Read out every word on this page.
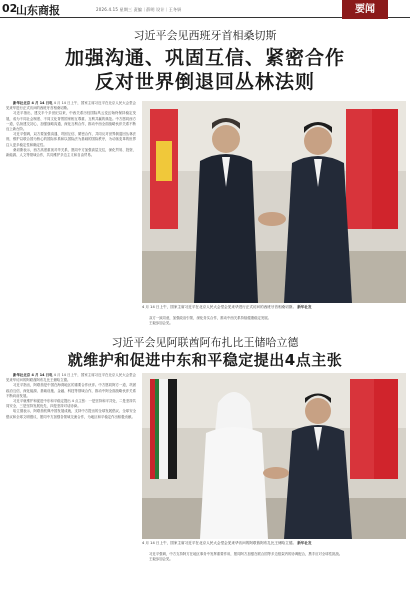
02
山东商报	2026.4.15 星期三 责编｜薛明 设计｜王冬妍	要闻
习近平会见西班牙首相桑切斯
加强沟通、巩固互信、紧密合作
反对世界倒退回丛林法则

新华社北京 4 月 14 日电 4 月 14 日上午，国家主席习近平在北京人民大会堂会见来华进行正式访问的西班牙首相桑切斯。

习近平指出，建交半个多世纪以来，中西关系历经国际风云变幻始终保持稳定发展，成为不同社会制度、不同文化背景国家相互尊重、互利共赢的典范。中方愿同西方一道，弘扬建交初心，加强战略沟通，深化互利合作，推动中西全面战略伙伴关系不断迈上新台阶。

习近平强调，双方要加强沟通、巩固互信、紧密合作，共同反对世界倒退回丛林法则，维护以联合国为核心的国际体系和以国际法为基础的国际秩序，为动荡变革的世界注入更多稳定性和确定性。

桑切斯表示，西方高度重视对华关系，愿同中方加强高层交往，深化贸易、投资、新能源、人文等领域合作，共同维护多边主义和自由贸易。

4 月 14 日上午，国家主席习近平在北京人民大会堂会见来华进行正式访问的西班牙首相桑切斯。 新华社发

双方一致同意，加强政治引领，深化务实合作，推动中西关系持续健康稳定发展。

王毅参加会见。

习近平会见阿联酋阿布扎比王储哈立德
就维护和促进中东和平稳定提出4点主张

新华社北京 4 月 14 日电 4 月 14 日上午，国家主席习近平在北京人民大会堂会见来华访问的阿联酋阿布扎比王储哈立德。

习近平指出，阿联酋是中国在海湾地区的重要合作伙伴。中方愿同阿方一道，巩固政治互信，深化能源、基础设施、金融、科技等领域合作，推动中阿全面战略伙伴关系不断向前发展。

习近平就维护和促进中东和平稳定提出 4 点主张：一是坚持和平共处，二是坚持共同安全，三是坚持发展优先，四是坚持对话协商。

哈立德表示，阿联酋钦佩中国发展成就，支持中方提出的全球发展倡议、全球安全倡议和全球文明倡议，愿同中方加强各领域交流合作，为地区和平稳定作出积极贡献。

4 月 14 日上午，国家主席习近平在北京人民大会堂会见来华访问的阿联酋阿布扎比王储哈立德。 新华社发

习近平强调，中方支持阿方在地区事务中发挥重要作用，愿同阿方加强在联合国等多边框架内的协调配合，携手应对全球性挑战。

王毅参加会见。
